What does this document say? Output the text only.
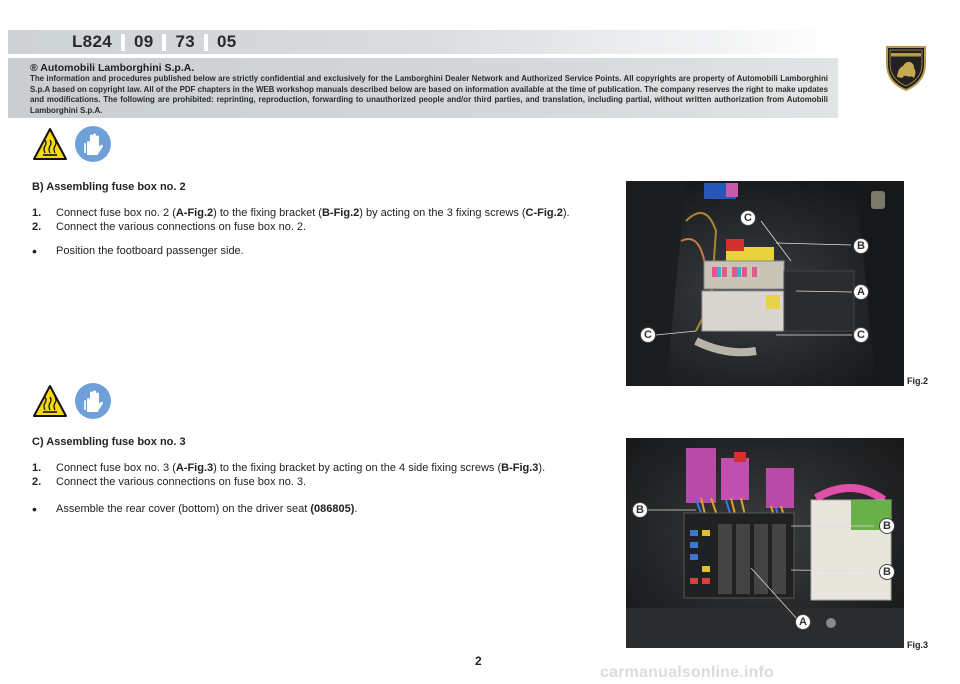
L824 09 73 05
® Automobili Lamborghini S.p.A.
The information and procedures published below are strictly confidential and exclusively for the Lamborghini Dealer Network and Authorized Service Points. All copyrights are property of Automobili Lamborghini S.p.A based on copyright law. All of the PDF chapters in the WEB workshop manuals described below are based on information available at the time of publication. The company reserves the right to make updates and modifications. The following are prohibited: reprinting, reproduction, forwarding to unauthorized people and/or third parties, and translation, including partial, without written authorization from Automobili Lamborghini S.p.A.
B) Assembling fuse box no. 2
1.	Connect fuse box no. 2 (A-Fig.2) to the fixing bracket (B-Fig.2) by acting on the 3 fixing screws (C-Fig.2).
2.	Connect the various connections on fuse box no. 2.
•	Position the footboard passenger side.
C
B
A
C	C
Fig.2
C) Assembling fuse box no. 3
1.	Connect fuse box no. 3 (A-Fig.3) to the fixing bracket by acting on the 4 side fixing screws (B-Fig.3).
2.	Connect the various connections on fuse box no. 3.
•	Assemble the rear cover (bottom) on the driver seat (086805).	B
B
B
A
Fig.3
2
carmanualsonline.info
